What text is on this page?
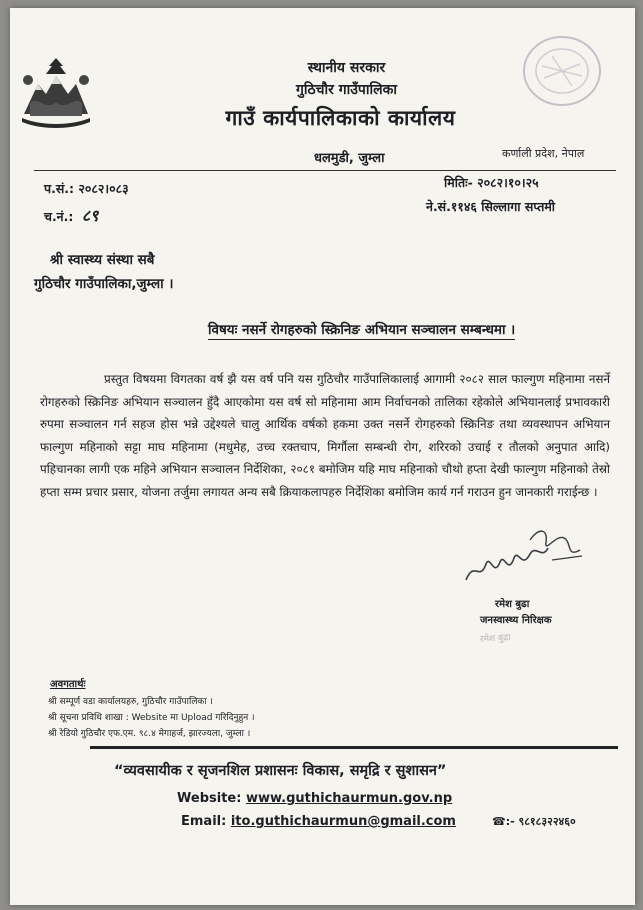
स्थानीय सरकार
गुठिचौर गाउँपालिका
गाउँ कार्यपालिकाको कार्यालय
धलमुडी, जुम्ला	कर्णाली प्रदेश, नेपाल
प.सं.: २०८२।०८३
च.नं.: ८९
मितिः- २०८२।१०।२५
ने.सं.११४६ सिल्लागा सप्तमी
श्री स्वास्थ्य संस्था सबै
गुठिचौर गाउँपालिका,जुम्ला ।
विषयः नसर्ने रोगहरुको स्क्रिनिङ अभियान सञ्चालन सम्बन्धमा ।
प्रस्तुत विषयमा विगतका वर्ष झै यस वर्ष पनि यस गुठिचौर गाउँपालिकालाई आगामी २०८२ साल फाल्गुण महिनामा नसर्ने रोगहरुको स्क्रिनिङ अभियान सञ्चालन हुँदै आएकोमा यस वर्ष सो महिनामा आम निर्वाचनको तालिका रहेकोले अभियानलाई प्रभावकारी रुपमा सञ्चालन गर्न सहज होस भन्ने उद्देश्यले चालु आर्थिक वर्षको हकमा उक्त नसर्ने रोगहरुको स्क्रिनिङ तथा व्यवस्थापन अभियान फाल्गुण महिनाको सट्टा माघ महिनामा (मधुमेह, उच्च रक्तचाप, मिर्गौला सम्बन्धी रोग, शरिरको उचाई र तौलको अनुपात आदि) पहिचानका लागी एक महिने अभियान सञ्चालन निर्देशिका, २०८१ बमोजिम यहि माघ महिनाको चौथो हप्ता देखी फाल्गुण महिनाको तेस्रो हप्ता सम्म प्रचार प्रसार, योजना तर्जुमा लगायत अन्य सबै क्रियाकलापहरु निर्देशिका बमोजिम कार्य गर्न गराउन हुन जानकारी गराईन्छ ।
रमेश बुढा
जनस्वास्थ्य निरिक्षक
रमेश बुढा
अवगतार्थः
श्री सम्पूर्ण वडा कार्यालयहरु, गुठिचौर गाउँपालिका ।
श्री सूचना प्रविधि शाखा : Website मा Upload गरिदिनुहुन ।
श्री रेडियो गुठिचौर एफ.एम. ९८.४ मेगाहर्ज, झारज्यला, जुम्ला ।
“व्यवसायीक र सृजनशिल प्रशासनः विकास, समृद्रि र सुशासन”
Website: www.guthichaurmun.gov.np
Email: ito.guthichaurmun@gmail.com	☎:- ९८१८३२२४६०
